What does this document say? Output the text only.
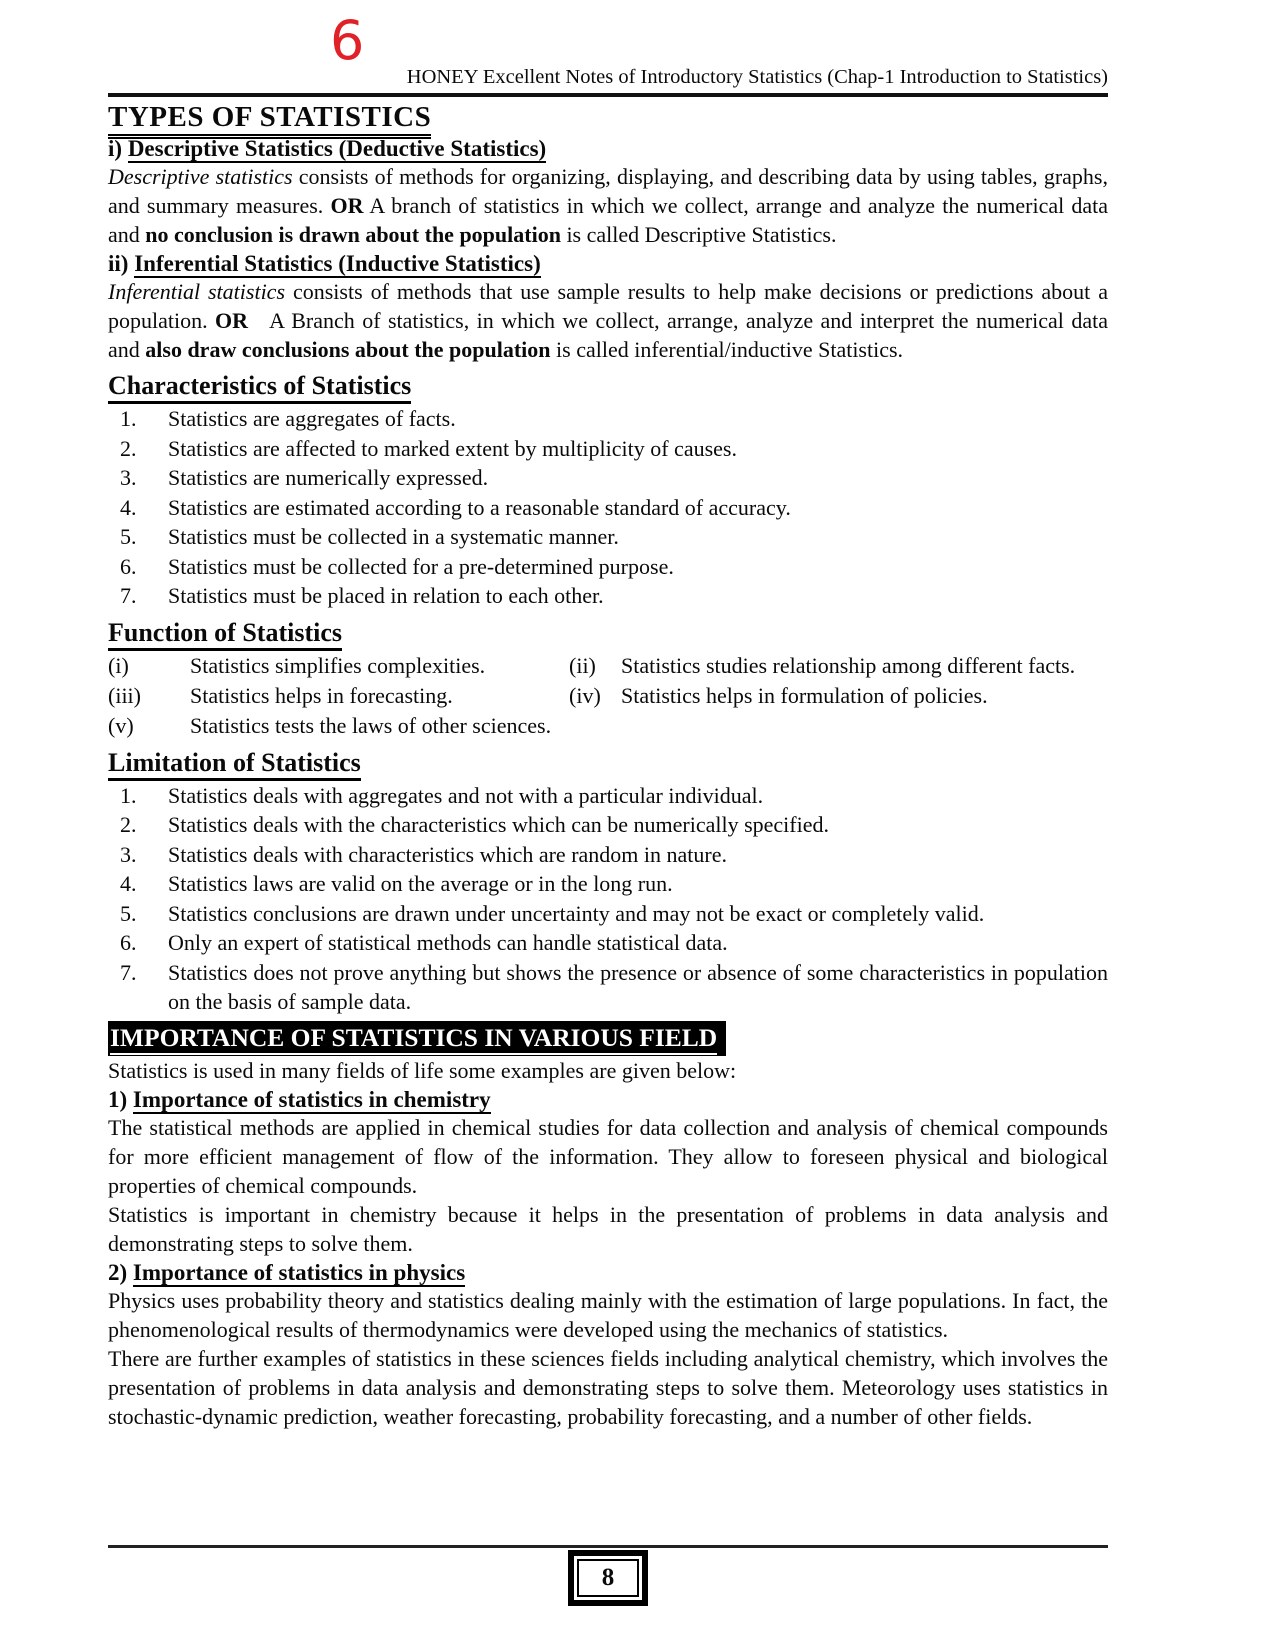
6
HONEY Excellent Notes of Introductory Statistics (Chap-1 Introduction to Statistics)
TYPES OF STATISTICS
i) Descriptive Statistics (Deductive Statistics)
Descriptive statistics consists of methods for organizing, displaying, and describing data by using tables, graphs, and summary measures. OR A branch of statistics in which we collect, arrange and analyze the numerical data and no conclusion is drawn about the population is called Descriptive Statistics.
ii) Inferential Statistics (Inductive Statistics)
Inferential statistics consists of methods that use sample results to help make decisions or predictions about a population. OR   A Branch of statistics, in which we collect, arrange, analyze and interpret the numerical data and also draw conclusions about the population is called inferential/inductive Statistics.
Characteristics of Statistics
1.	Statistics are aggregates of facts.
2.	Statistics are affected to marked extent by multiplicity of causes.
3.	Statistics are numerically expressed.
4.	Statistics are estimated according to a reasonable standard of accuracy.
5.	Statistics must be collected in a systematic manner.
6.	Statistics must be collected for a pre-determined purpose.
7.	Statistics must be placed in relation to each other.
Function of Statistics
(i)	Statistics simplifies complexities.	(ii)	Statistics studies relationship among different facts.
(iii)	Statistics helps in forecasting.	(iv) Statistics helps in formulation of policies.
(v)	Statistics tests the laws of other sciences.
Limitation of Statistics
1.	Statistics deals with aggregates and not with a particular individual.
2.	Statistics deals with the characteristics which can be numerically specified.
3.	Statistics deals with characteristics which are random in nature.
4.	Statistics laws are valid on the average or in the long run.
5.	Statistics conclusions are drawn under uncertainty and may not be exact or completely valid.
6.	Only an expert of statistical methods can handle statistical data.
7.	Statistics does not prove anything but shows the presence or absence of some characteristics in population on the basis of sample data.
IMPORTANCE OF STATISTICS IN VARIOUS FIELD
Statistics is used in many fields of life some examples are given below:
1) Importance of statistics in chemistry
The statistical methods are applied in chemical studies for data collection and analysis of chemical compounds for more efficient management of flow of the information. They allow to foreseen physical and biological properties of chemical compounds.
Statistics is important in chemistry because it helps in the presentation of problems in data analysis and demonstrating steps to solve them.
2) Importance of statistics in physics
Physics uses probability theory and statistics dealing mainly with the estimation of large populations. In fact, the phenomenological results of thermodynamics were developed using the mechanics of statistics.
There are further examples of statistics in these sciences fields including analytical chemistry, which involves the presentation of problems in data analysis and demonstrating steps to solve them. Meteorology uses statistics in stochastic-dynamic prediction, weather forecasting, probability forecasting, and a number of other fields.
8
